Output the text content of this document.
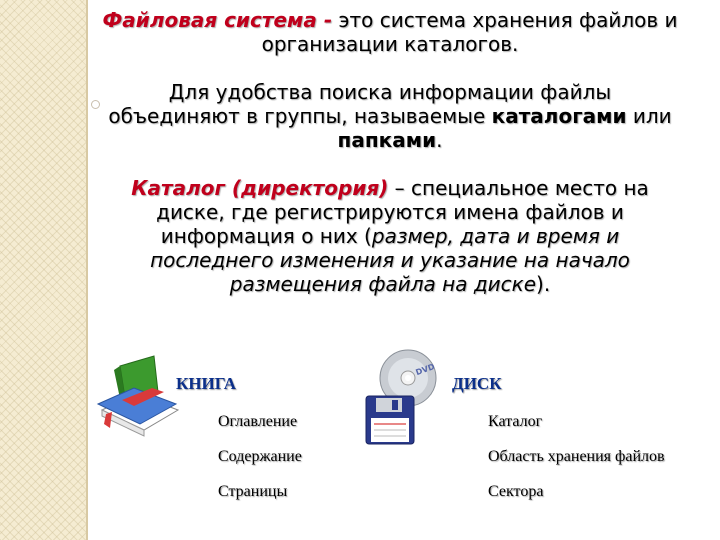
Файловая система - это система хранения файлов и организации каталогов.

Для удобства поиска информации файлы объединяют в группы, называемые каталогами или папками.

Каталог (директория) – специальное место на диске, где регистрируются имена файлов и информация о них (размер, дата и время и последнего изменения и указание на начало размещения файла на диске).

DVD
КНИГА	ДИСК
Оглавление
Содержание
Страницы
Каталог
Область хранения файлов
Сектора
